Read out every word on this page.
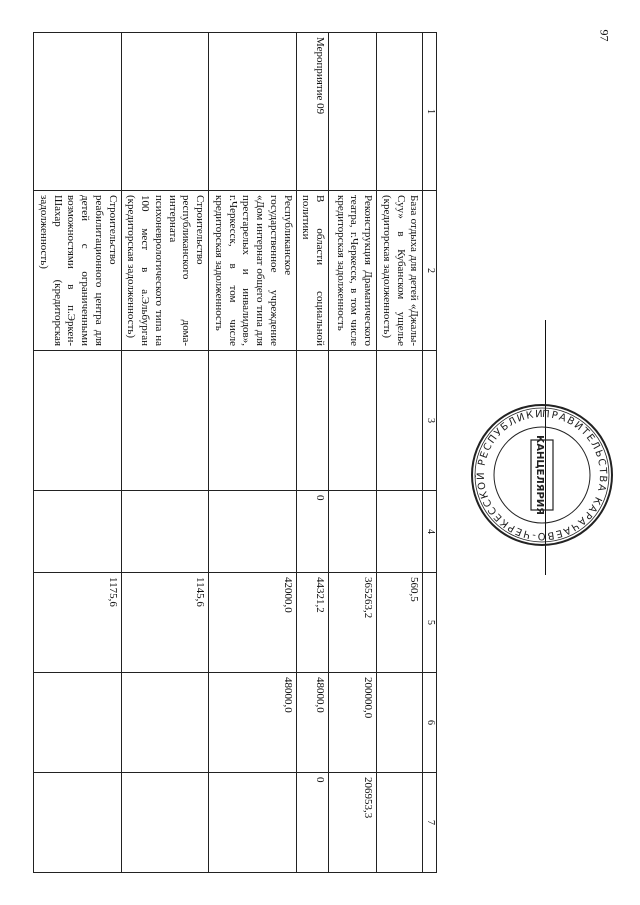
97
1	2	3	4	5	6	7
	База отдыха для детей «Джалы-Суу» в Кубанском ущелье (кредиторская задолженность)			560,5		
	Реконструкция Драматического театра, г.Черкесск, в том числе кредиторская задолженность			365263,2	200000,0	206953,3
Мероприятие 09	В области социальной политики		0	44321,2	48000,0	0
	Республиканское государственное учреждение «Дом интернат общего типа для престарелых и инвалидов», г.Черкесск, в том числе кредиторская задолженность			42000,0	48000,0	
	Строительство республиканского дома-интерната психоневрологического типа на 100 мест в а.Эльбурган (кредиторская задолженность)			1145,6		
	Строительство реабилитационного центра для детей с ограниченными возможностями в п.Эркен-Шахар (кредиторская задолженность)			1175,6		
ПРАВИТЕЛЬСТВА КАРАЧАЕВО-ЧЕРКЕССКОЙ РЕСПУБЛИКИ
КАНЦЕЛЯРИЯ
